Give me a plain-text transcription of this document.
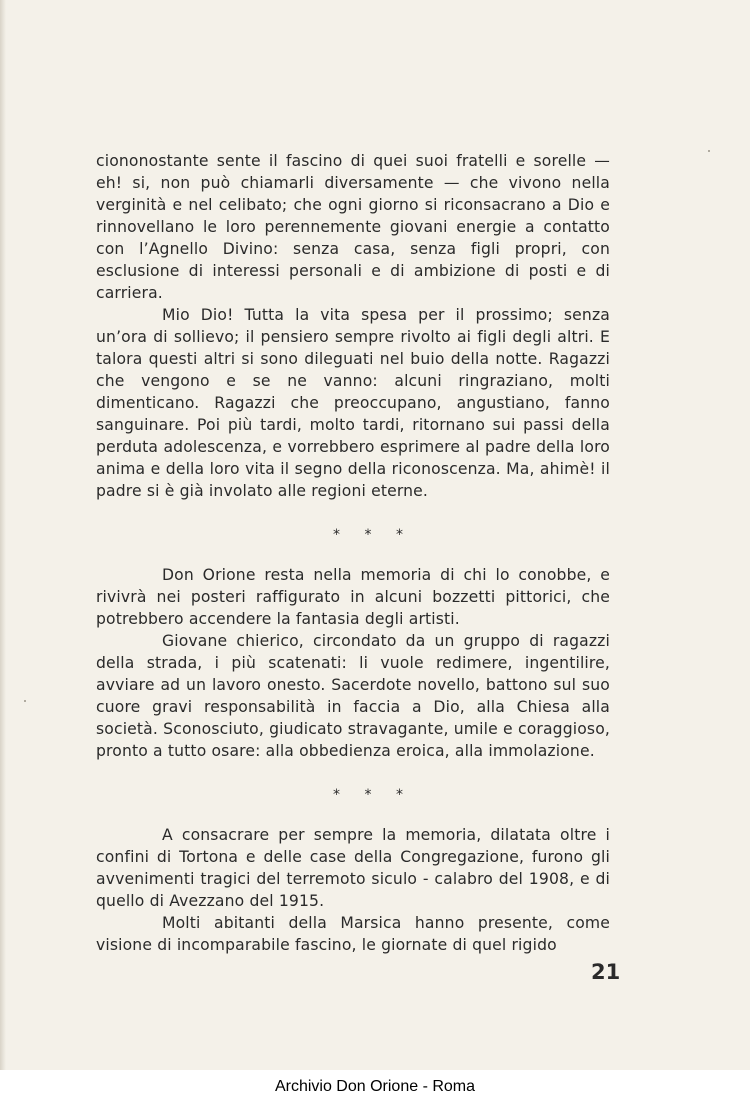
ciononostante sente il fascino di quei suoi fratelli e sorelle — eh! si, non può chiamarli diversamente — che vivono nella verginità e nel celibato; che ogni giorno si riconsacrano a Dio e rinnovellano le loro perennemente giovani energie a contatto con l’Agnello Divino: senza casa, senza figli propri, con esclusione di interessi personali e di ambizione di posti e di carriera.

Mio Dio! Tutta la vita spesa per il prossimo; senza un’ora di sollievo; il pensiero sempre rivolto ai figli degli altri. E talora questi altri si sono dileguati nel buio della notte. Ragazzi che vengono e se ne vanno: alcuni ringraziano, molti dimenticano. Ragazzi che preoccupano, angustiano, fanno sanguinare. Poi più tardi, molto tardi, ritornano sui passi della perduta adolescenza, e vorrebbero esprimere al padre della loro anima e della loro vita il segno della riconoscenza. Ma, ahimè! il padre si è già involato alle regioni eterne.

* * *

Don Orione resta nella memoria di chi lo conobbe, e rivivrà nei posteri raffigurato in alcuni bozzetti pittorici, che potrebbero accendere la fantasia degli artisti.

Giovane chierico, circondato da un gruppo di ragazzi della strada, i più scatenati: li vuole redimere, ingentilire, avviare ad un lavoro onesto. Sacerdote novello, battono sul suo cuore gravi responsabilità in faccia a Dio, alla Chiesa alla società. Sconosciuto, giudicato stravagante, umile e coraggioso, pronto a tutto osare: alla obbedienza eroica, alla immolazione.

* * *

A consacrare per sempre la memoria, dilatata oltre i confini di Tortona e delle case della Congregazione, furono gli avvenimenti tragici del terremoto siculo - calabro del 1908, e di quello di Avezzano del 1915.

Molti abitanti della Marsica hanno presente, come visione di incomparabile fascino, le giornate di quel rigido

21
Archivio Don Orione - Roma
